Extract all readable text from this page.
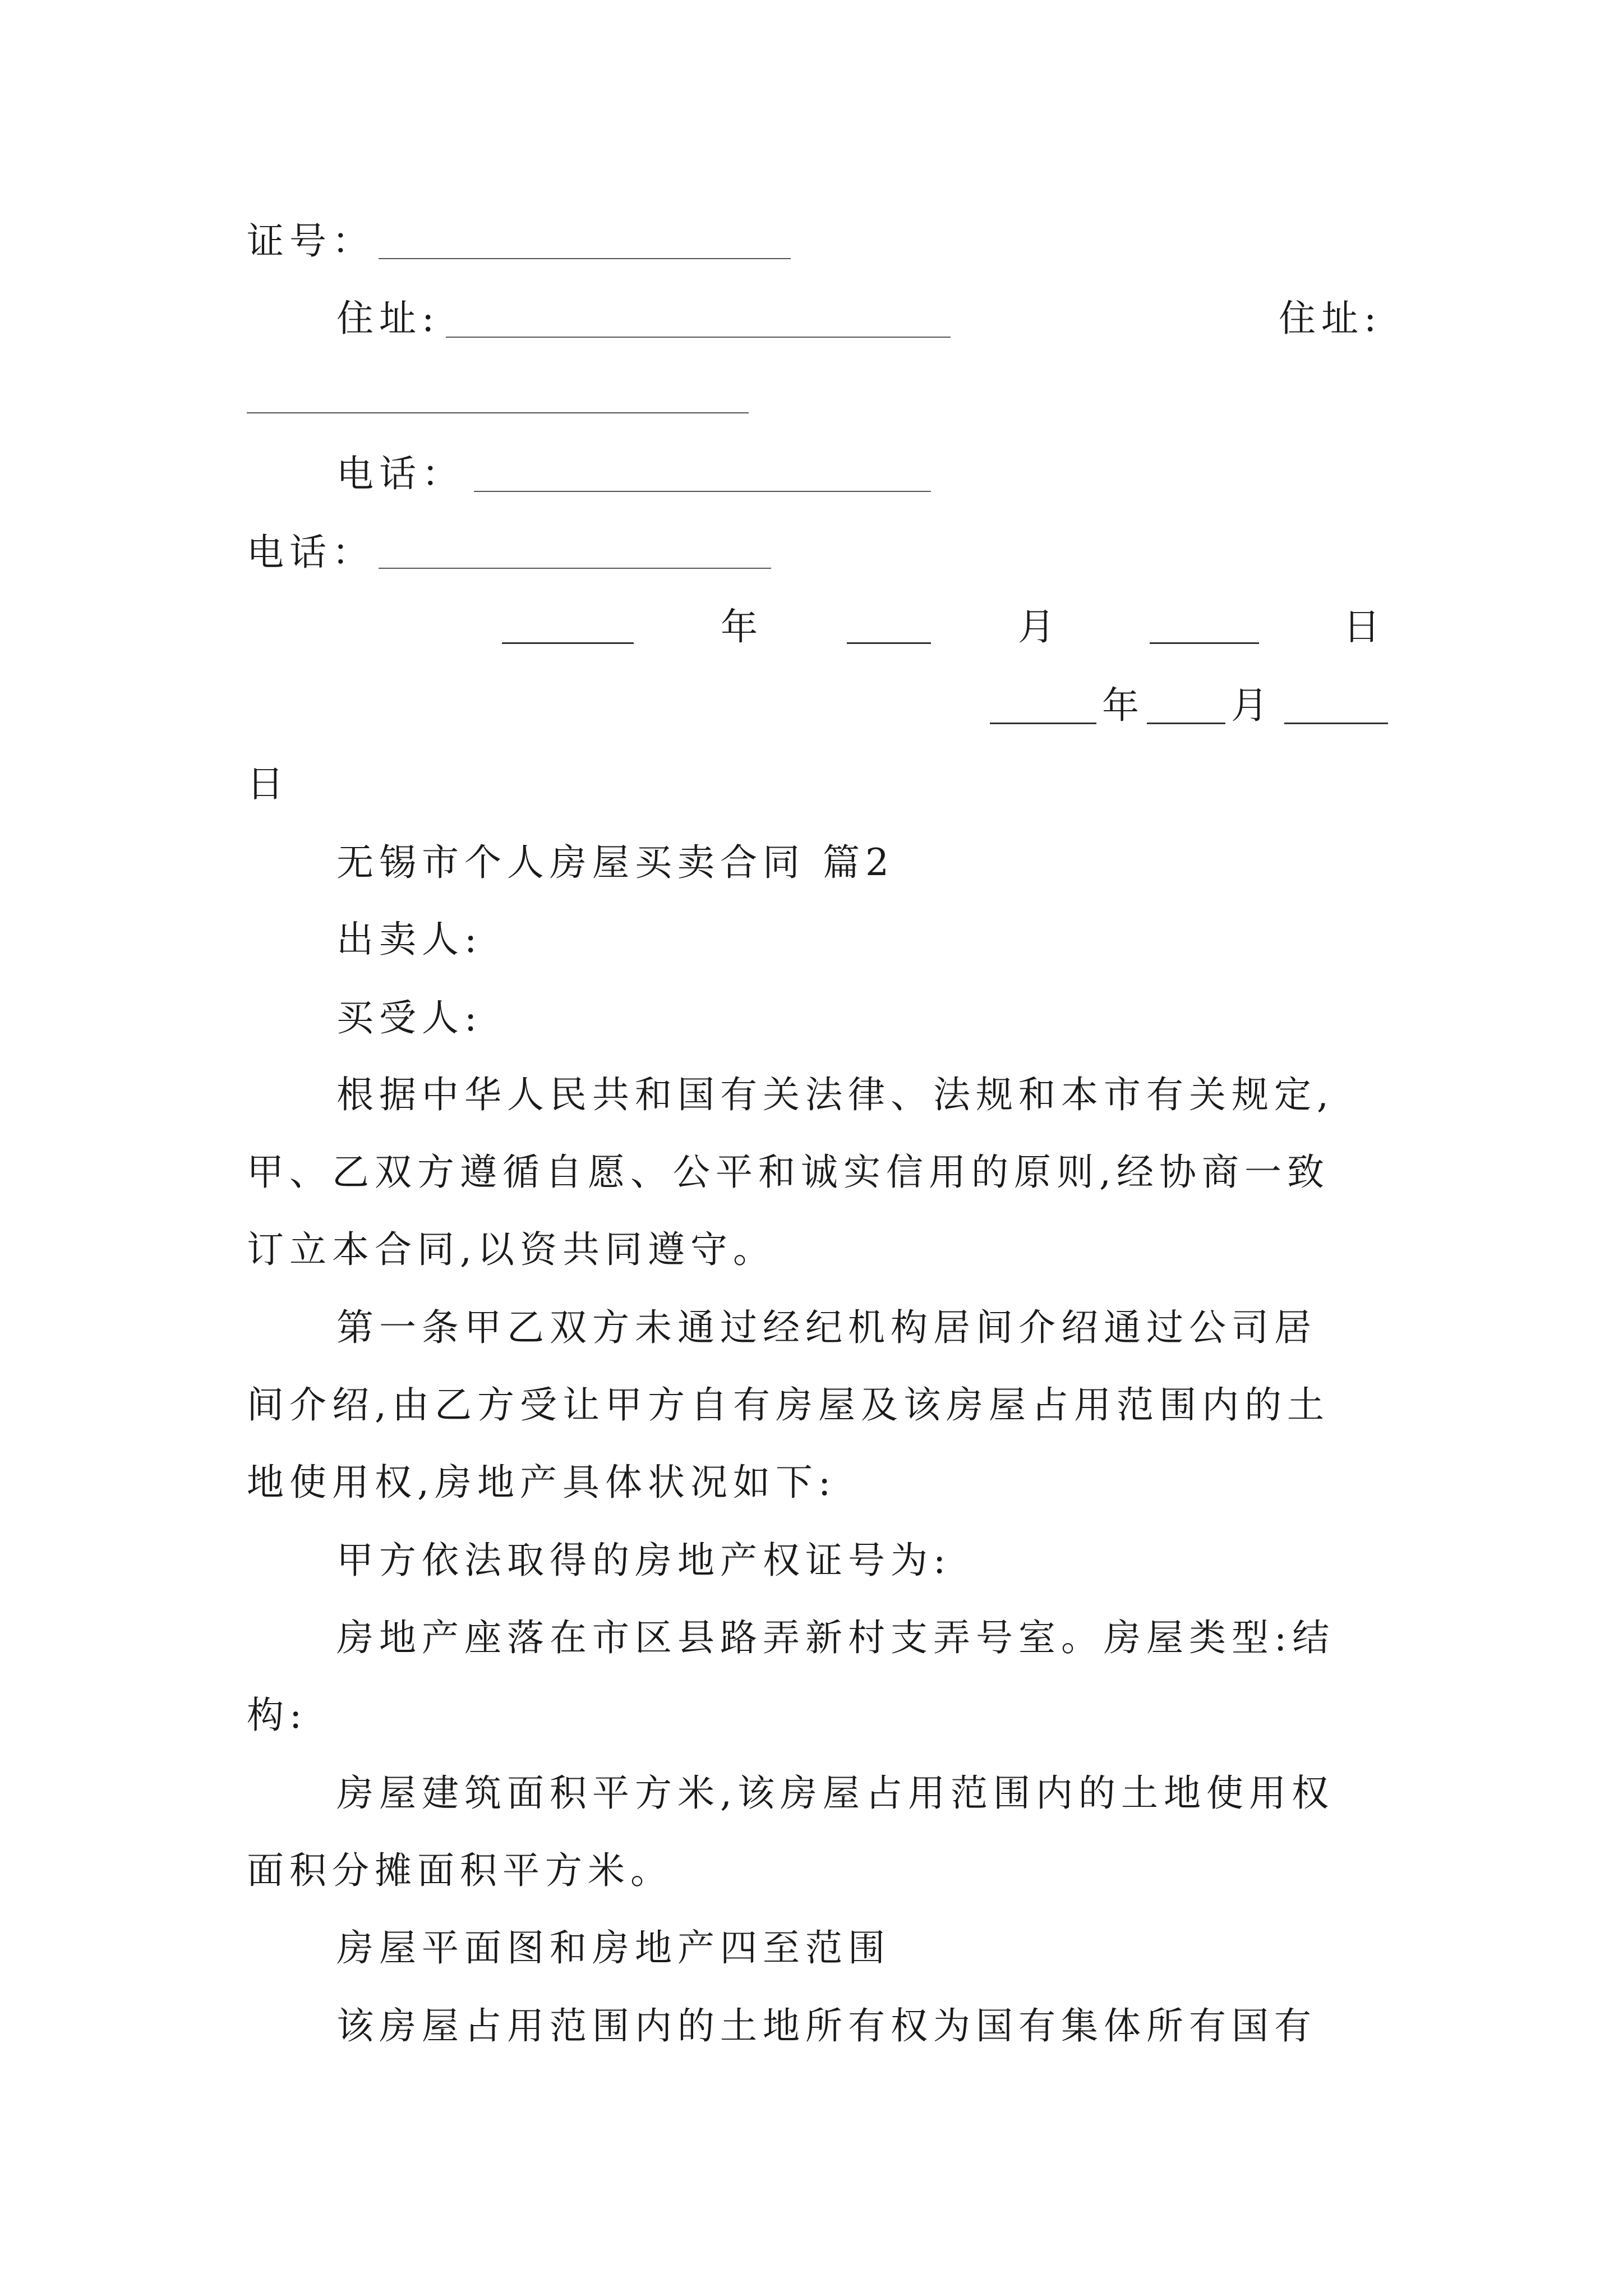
证号：
住址:	住址:
电话：
电话：
年	月	日
年 月
日
无锡市个人房屋买卖合同 篇2
出卖人:
买受人:
根据中华人民共和国有关法律、法规和本市有关规定,
甲、乙双方遵循自愿、公平和诚实信用的原则,经协商一致
订立本合同,以资共同遵守。
第一条甲乙双方未通过经纪机构居间介绍通过公司居
间介绍,由乙方受让甲方自有房屋及该房屋占用范围内的土
地使用权,房地产具体状况如下:
甲方依法取得的房地产权证号为:
房地产座落在市区县路弄新村支弄号室。房屋类型:结
构:
房屋建筑面积平方米,该房屋占用范围内的土地使用权
面积分摊面积平方米。
房屋平面图和房地产四至范围
该房屋占用范围内的土地所有权为国有集体所有国有
